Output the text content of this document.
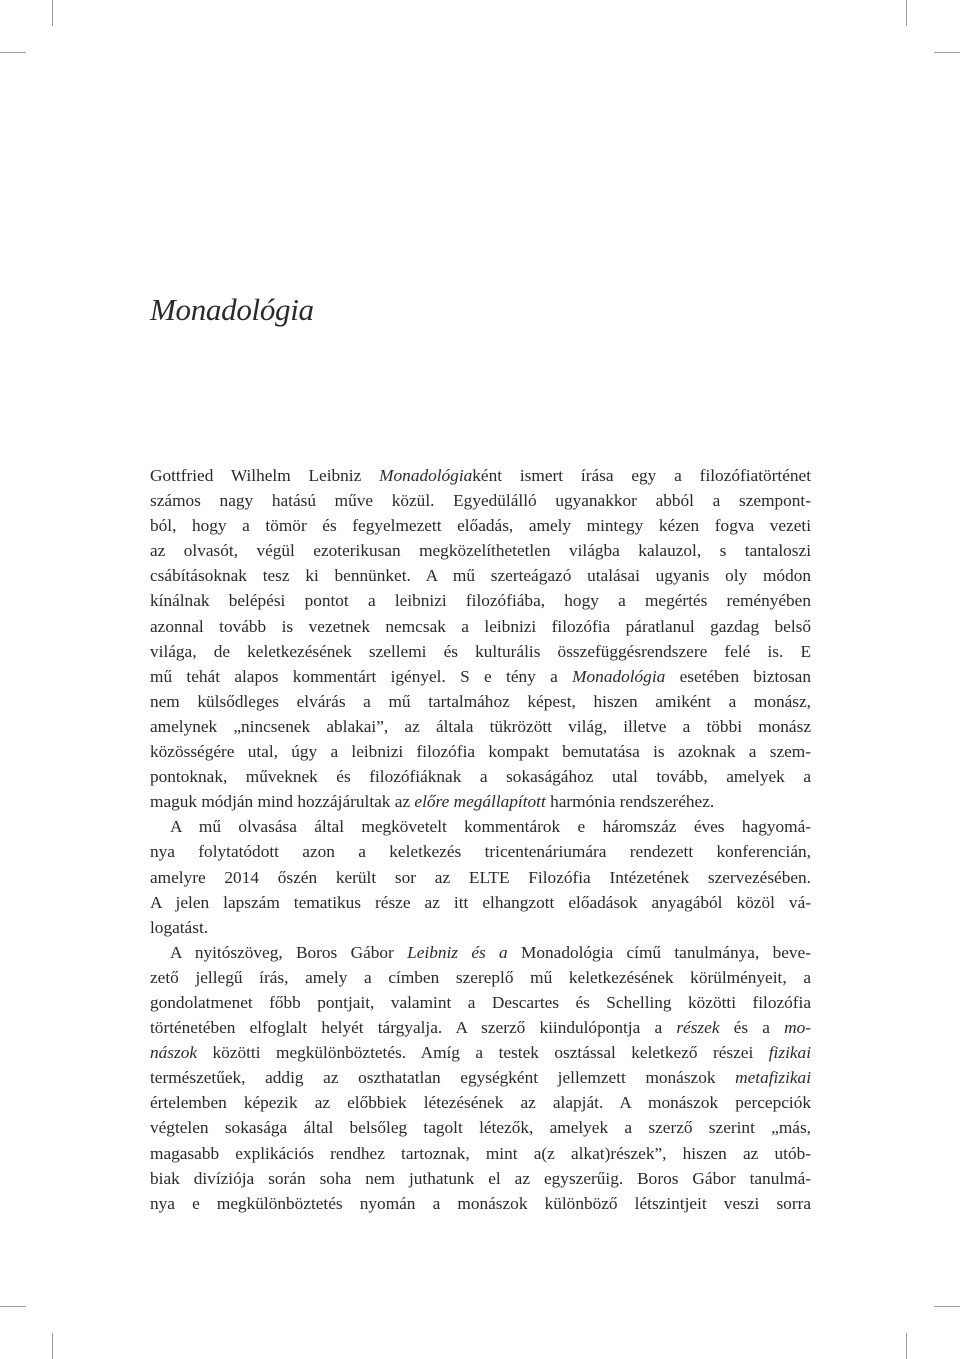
Monadológia
Gottfried Wilhelm Leibniz Monadológiaként ismert írása egy a filozófiatörténet
számos nagy hatású műve közül. Egyedülálló ugyanakkor abból a szempont-
ból, hogy a tömör és fegyelmezett előadás, amely mintegy kézen fogva vezeti
az olvasót, végül ezoterikusan megközelíthetetlen világba kalauzol, s tantaloszi
csábításoknak tesz ki bennünket. A mű szerteágazó utalásai ugyanis oly módon
kínálnak belépési pontot a leibnizi filozófiába, hogy a megértés reményében
azonnal tovább is vezetnek nemcsak a leibnizi filozófia páratlanul gazdag belső
világa, de keletkezésének szellemi és kulturális összefüggésrendszere felé is. E
mű tehát alapos kommentárt igényel. S e tény a Monadológia esetében biztosan
nem külsődleges elvárás a mű tartalmához képest, hiszen amiként a monász,
amelynek „nincsenek ablakai”, az általa tükrözött világ, illetve a többi monász
közösségére utal, úgy a leibnizi filozófia kompakt bemutatása is azoknak a szem-
pontoknak, műveknek és filozófiáknak a sokaságához utal tovább, amelyek a
maguk módján mind hozzájárultak az előre megállapított harmónia rendszeréhez.
A mű olvasása által megkövetelt kommentárok e háromszáz éves hagyomá-
nya folytatódott azon a keletkezés tricentenáriumára rendezett konferencián,
amelyre 2014 őszén került sor az ELTE Filozófia Intézetének szervezésében.
A jelen lapszám tematikus része az itt elhangzott előadások anyagából közöl vá-
logatást.
A nyitószöveg, Boros Gábor Leibniz és a Monadológia című tanulmánya, beve-
zető jellegű írás, amely a címben szereplő mű keletkezésének körülményeit, a
gondolatmenet főbb pontjait, valamint a Descartes és Schelling közötti filozófia
történetében elfoglalt helyét tárgyalja. A szerző kiindulópontja a részek és a mo-
nászok közötti megkülönböztetés. Amíg a testek osztással keletkező részei fizikai
természetűek, addig az oszthatatlan egységként jellemzett monászok metafizikai
értelemben képezik az előbbiek létezésének az alapját. A monászok percepciók
végtelen sokasága által belsőleg tagolt létezők, amelyek a szerző szerint „más,
magasabb explikációs rendhez tartoznak, mint a(z alkat)részek”, hiszen az utób-
biak divíziója során soha nem juthatunk el az egyszerűig. Boros Gábor tanulmá-
nya e megkülönböztetés nyomán a monászok különböző létszintjeit veszi sorra
